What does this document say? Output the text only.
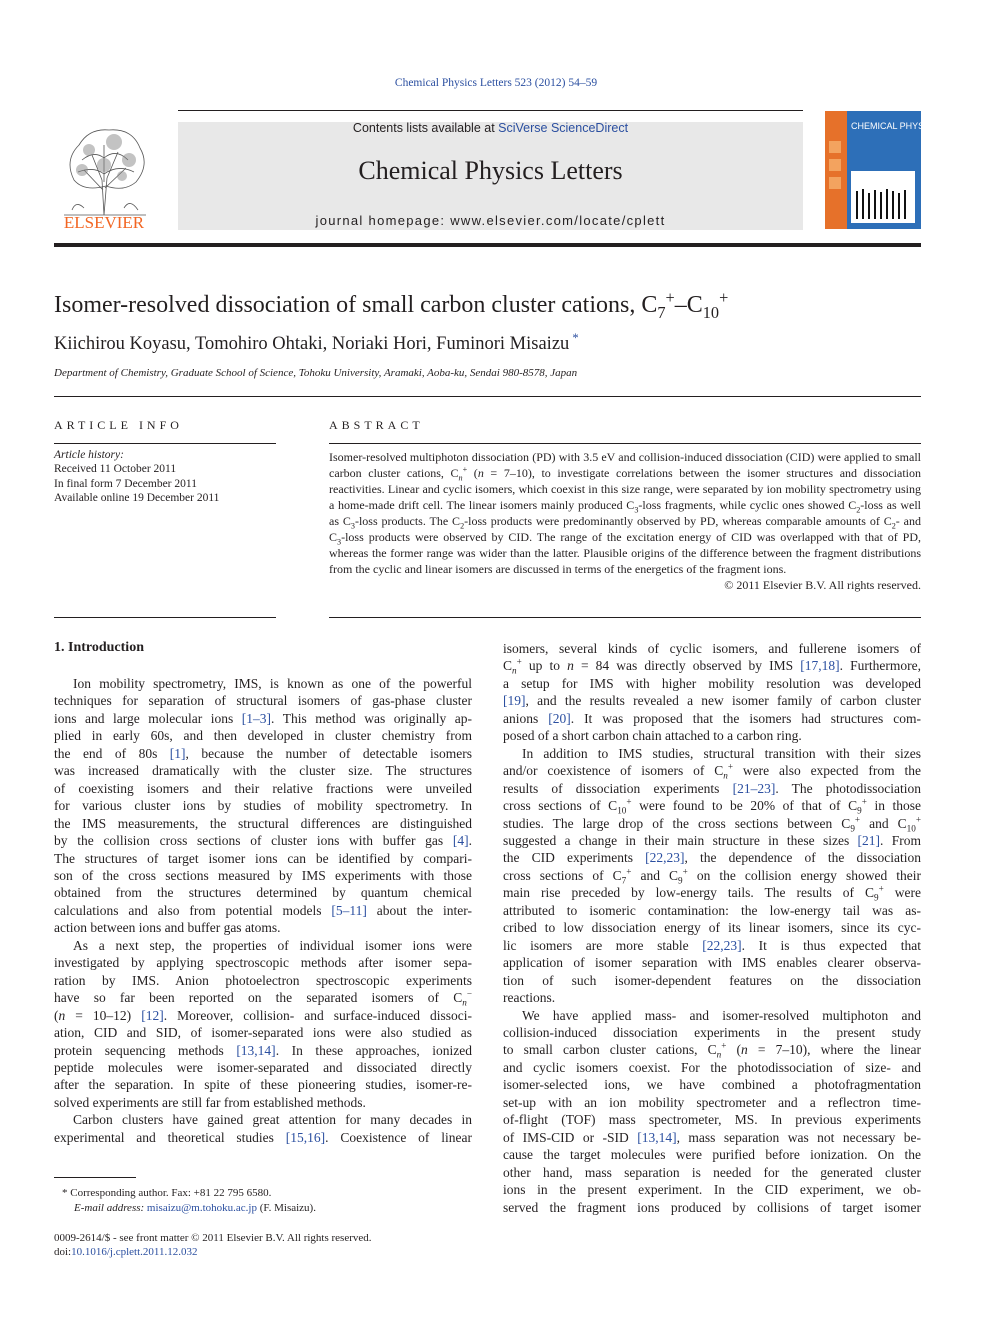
Chemical Physics Letters 523 (2012) 54–59
ELSEVIER
Contents lists available at SciVerse ScienceDirect
Chemical Physics Letters
journal homepage: www.elsevier.com/locate/cplett
CHEMICAL PHYSICS LETTERS
Isomer-resolved dissociation of small carbon cluster cations, $C_7^+-C_{10}^+$
Kiichirou Koyasu, Tomohiro Ohtaki, Noriaki Hori, Fuminori Misaizu *
Department of Chemistry, Graduate School of Science, Tohoku University, Aramaki, Aoba-ku, Sendai 980-8578, Japan
ARTICLE INFO
Article history:
Received 11 October 2011
In final form 7 December 2011
Available online 19 December 2011
ABSTRACT

Isomer-resolved multiphoton dissociation (PD) with 3.5 eV and collision-induced dissociation (CID) were applied to small carbon cluster cations, $C_n^+$ (n = 7–10), to investigate correlations between the isomer structures and dissociation reactivities. Linear and cyclic isomers, which coexist in this size range, were separated by ion mobility spectrometry using a home-made drift cell. The linear isomers mainly produced $C_3$-loss fragments, while cyclic ones showed $C_2$-loss as well as $C_3$-loss products. The $C_2$-loss products were predominantly observed by PD, whereas comparable amounts of $C_2-$ and $C_3$-loss products were observed by CID. The range of the excitation energy of CID was overlapped with that of PD, whereas the former range was wider than the latter. Plausible origins of the difference between the fragment distributions from the cyclic and linear isomers are discussed in terms of the energetics of the fragment ions.

© 2011 Elsevier B.V. All rights reserved.

1. Introduction
Ion mobility spectrometry, IMS, is known as one of the powerful
techniques for separation of structural isomers of gas-phase cluster
ions and large molecular ions [1–3]. This method was originally ap-
plied in early 60s, and then developed in cluster chemistry from
the end of 80s [1], because the number of detectable isomers
was increased dramatically with the cluster size. The structures
of coexisting isomers and their relative fractions were unveiled
for various cluster ions by studies of mobility spectrometry. In
the IMS measurements, the structural differences are distinguished
by the collision cross sections of cluster ions with buffer gas [4].
The structures of target isomer ions can be identified by compari-
son of the cross sections measured by IMS experiments with those
obtained from the structures determined by quantum chemical
calculations and also from potential models [5–11] about the inter-
action between ions and buffer gas atoms.
As a next step, the properties of individual isomer ions were
investigated by applying spectroscopic methods after isomer sepa-
ration by IMS. Anion photoelectron spectroscopic experiments
have so far been reported on the separated isomers of $C_n^-$
(n = 10–12) [12]. Moreover, collision- and surface-induced dissoci-
ation, CID and SID, of isomer-separated ions were also studied as
protein sequencing methods [13,14]. In these approaches, ionized
peptide molecules were isomer-separated and dissociated directly
after the separation. In spite of these pioneering studies, isomer-re-
solved experiments are still far from established methods.
Carbon clusters have gained great attention for many decades in
experimental and theoretical studies [15,16]. Coexistence of linear
isomers, several kinds of cyclic isomers, and fullerene isomers of
$C_n^+$ up to n = 84 was directly observed by IMS [17,18]. Furthermore,
a setup for IMS with higher mobility resolution was developed
[19], and the results revealed a new isomer family of carbon cluster
anions [20]. It was proposed that the isomers had structures com-
posed of a short carbon chain attached to a carbon ring.
In addition to IMS studies, structural transition with their sizes
and/or coexistence of isomers of $C_n^+$ were also expected from the
results of dissociation experiments [21–23]. The photodissociation
cross sections of $C_{10}^+$ were found to be 20% of that of $C_9^+$ in those
studies. The large drop of the cross sections between $C_9^+$ and $C_{10}^+$
suggested a change in their main structure in these sizes [21]. From
the CID experiments [22,23], the dependence of the dissociation
cross sections of $C_7^+$ and $C_9^+$ on the collision energy showed their
main rise preceded by low-energy tails. The results of $C_9^+$ were
attributed to isomeric contamination: the low-energy tail was as-
cribed to low dissociation energy of its linear isomers, since its cyc-
lic isomers are more stable [22,23]. It is thus expected that
application of isomer separation with IMS enables clearer observa-
tion of such isomer-dependent features on the dissociation
reactions.
We have applied mass- and isomer-resolved multiphoton and
collision-induced dissociation experiments in the present study
to small carbon cluster cations, $C_n^+$ (n = 7–10), where the linear
and cyclic isomers coexist. For the photodissociation of size- and
isomer-selected ions, we have combined a photofragmentation
set-up with an ion mobility spectrometer and a reflectron time-
of-flight (TOF) mass spectrometer, MS. In previous experiments
of IMS-CID or -SID [13,14], mass separation was not necessary be-
cause the target molecules were purified before ionization. On the
other hand, mass separation is needed for the generated cluster
ions in the present experiment. In the CID experiment, we ob-
served the fragment ions produced by collisions of target isomer
* Corresponding author. Fax: +81 22 795 6580.
E-mail address: misaizu@m.tohoku.ac.jp (F. Misaizu).
0009-2614/$ - see front matter © 2011 Elsevier B.V. All rights reserved.
doi:10.1016/j.cplett.2011.12.032
